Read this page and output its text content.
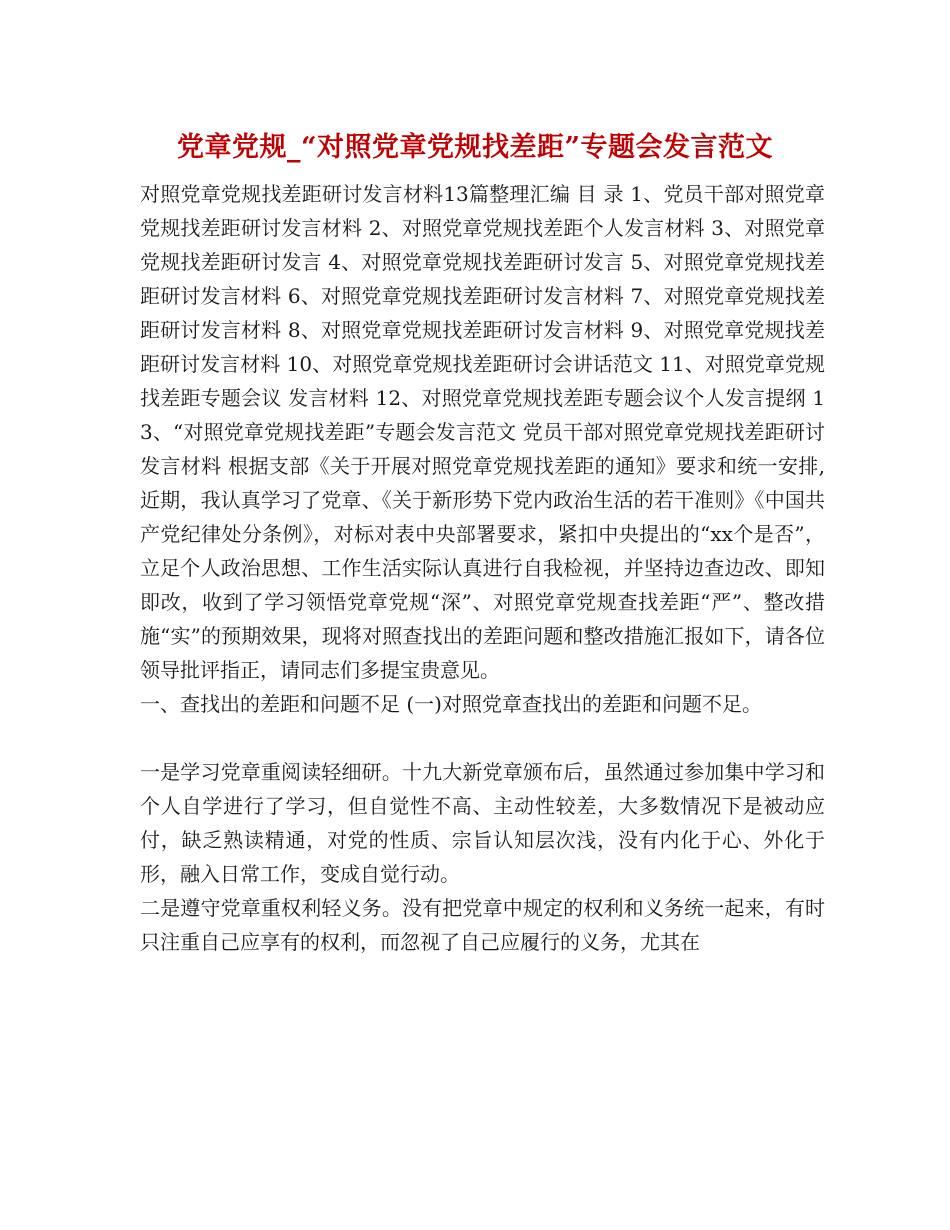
党章党规_“对照党章党规找差距”专题会发言范文

对照党章党规找差距研讨发言材料13篇整理汇编 目 录 1、党员干部对照党章党规找差距研讨发言材料 2、对照党章党规找差距个人发言材料 3、对照党章党规找差距研讨发言 4、对照党章党规找差距研讨发言 5、对照党章党规找差距研讨发言材料 6、对照党章党规找差距研讨发言材料 7、对照党章党规找差距研讨发言材料 8、对照党章党规找差距研讨发言材料 9、对照党章党规找差距研讨发言材料 10、对照党章党规找差距研讨会讲话范文 11、对照党章党规找差距专题会议 发言材料 12、对照党章党规找差距专题会议个人发言提纲 13、“对照党章党规找差距”专题会发言范文 党员干部对照党章党规找差距研讨发言材料 根据支部《关于开展对照党章党规找差距的通知》要求和统一安排,近期，我认真学习了党章、《关于新形势下党内政治生活的若干准则》《中国共产党纪律处分条例》，对标对表中央部署要求，紧扣中央提出的“xx个是否”，立足个人政治思想、工作生活实际认真进行自我检视，并坚持边查边改、即知即改，收到了学习领悟党章党规“深”、对照党章党规查找差距“严”、整改措施“实”的预期效果，现将对照查找出的差距问题和整改措施汇报如下，请各位领导批评指正，请同志们多提宝贵意见。

一、查找出的差距和问题不足 (一)对照党章查找出的差距和问题不足。

一是学习党章重阅读轻细研。十九大新党章颁布后，虽然通过参加集中学习和个人自学进行了学习，但自觉性不高、主动性较差，大多数情况下是被动应付，缺乏熟读精通，对党的性质、宗旨认知层次浅，没有内化于心、外化于形，融入日常工作，变成自觉行动。

二是遵守党章重权利轻义务。没有把党章中规定的权利和义务统一起来，有时只注重自己应享有的权利，而忽视了自己应履行的义务，尤其在
